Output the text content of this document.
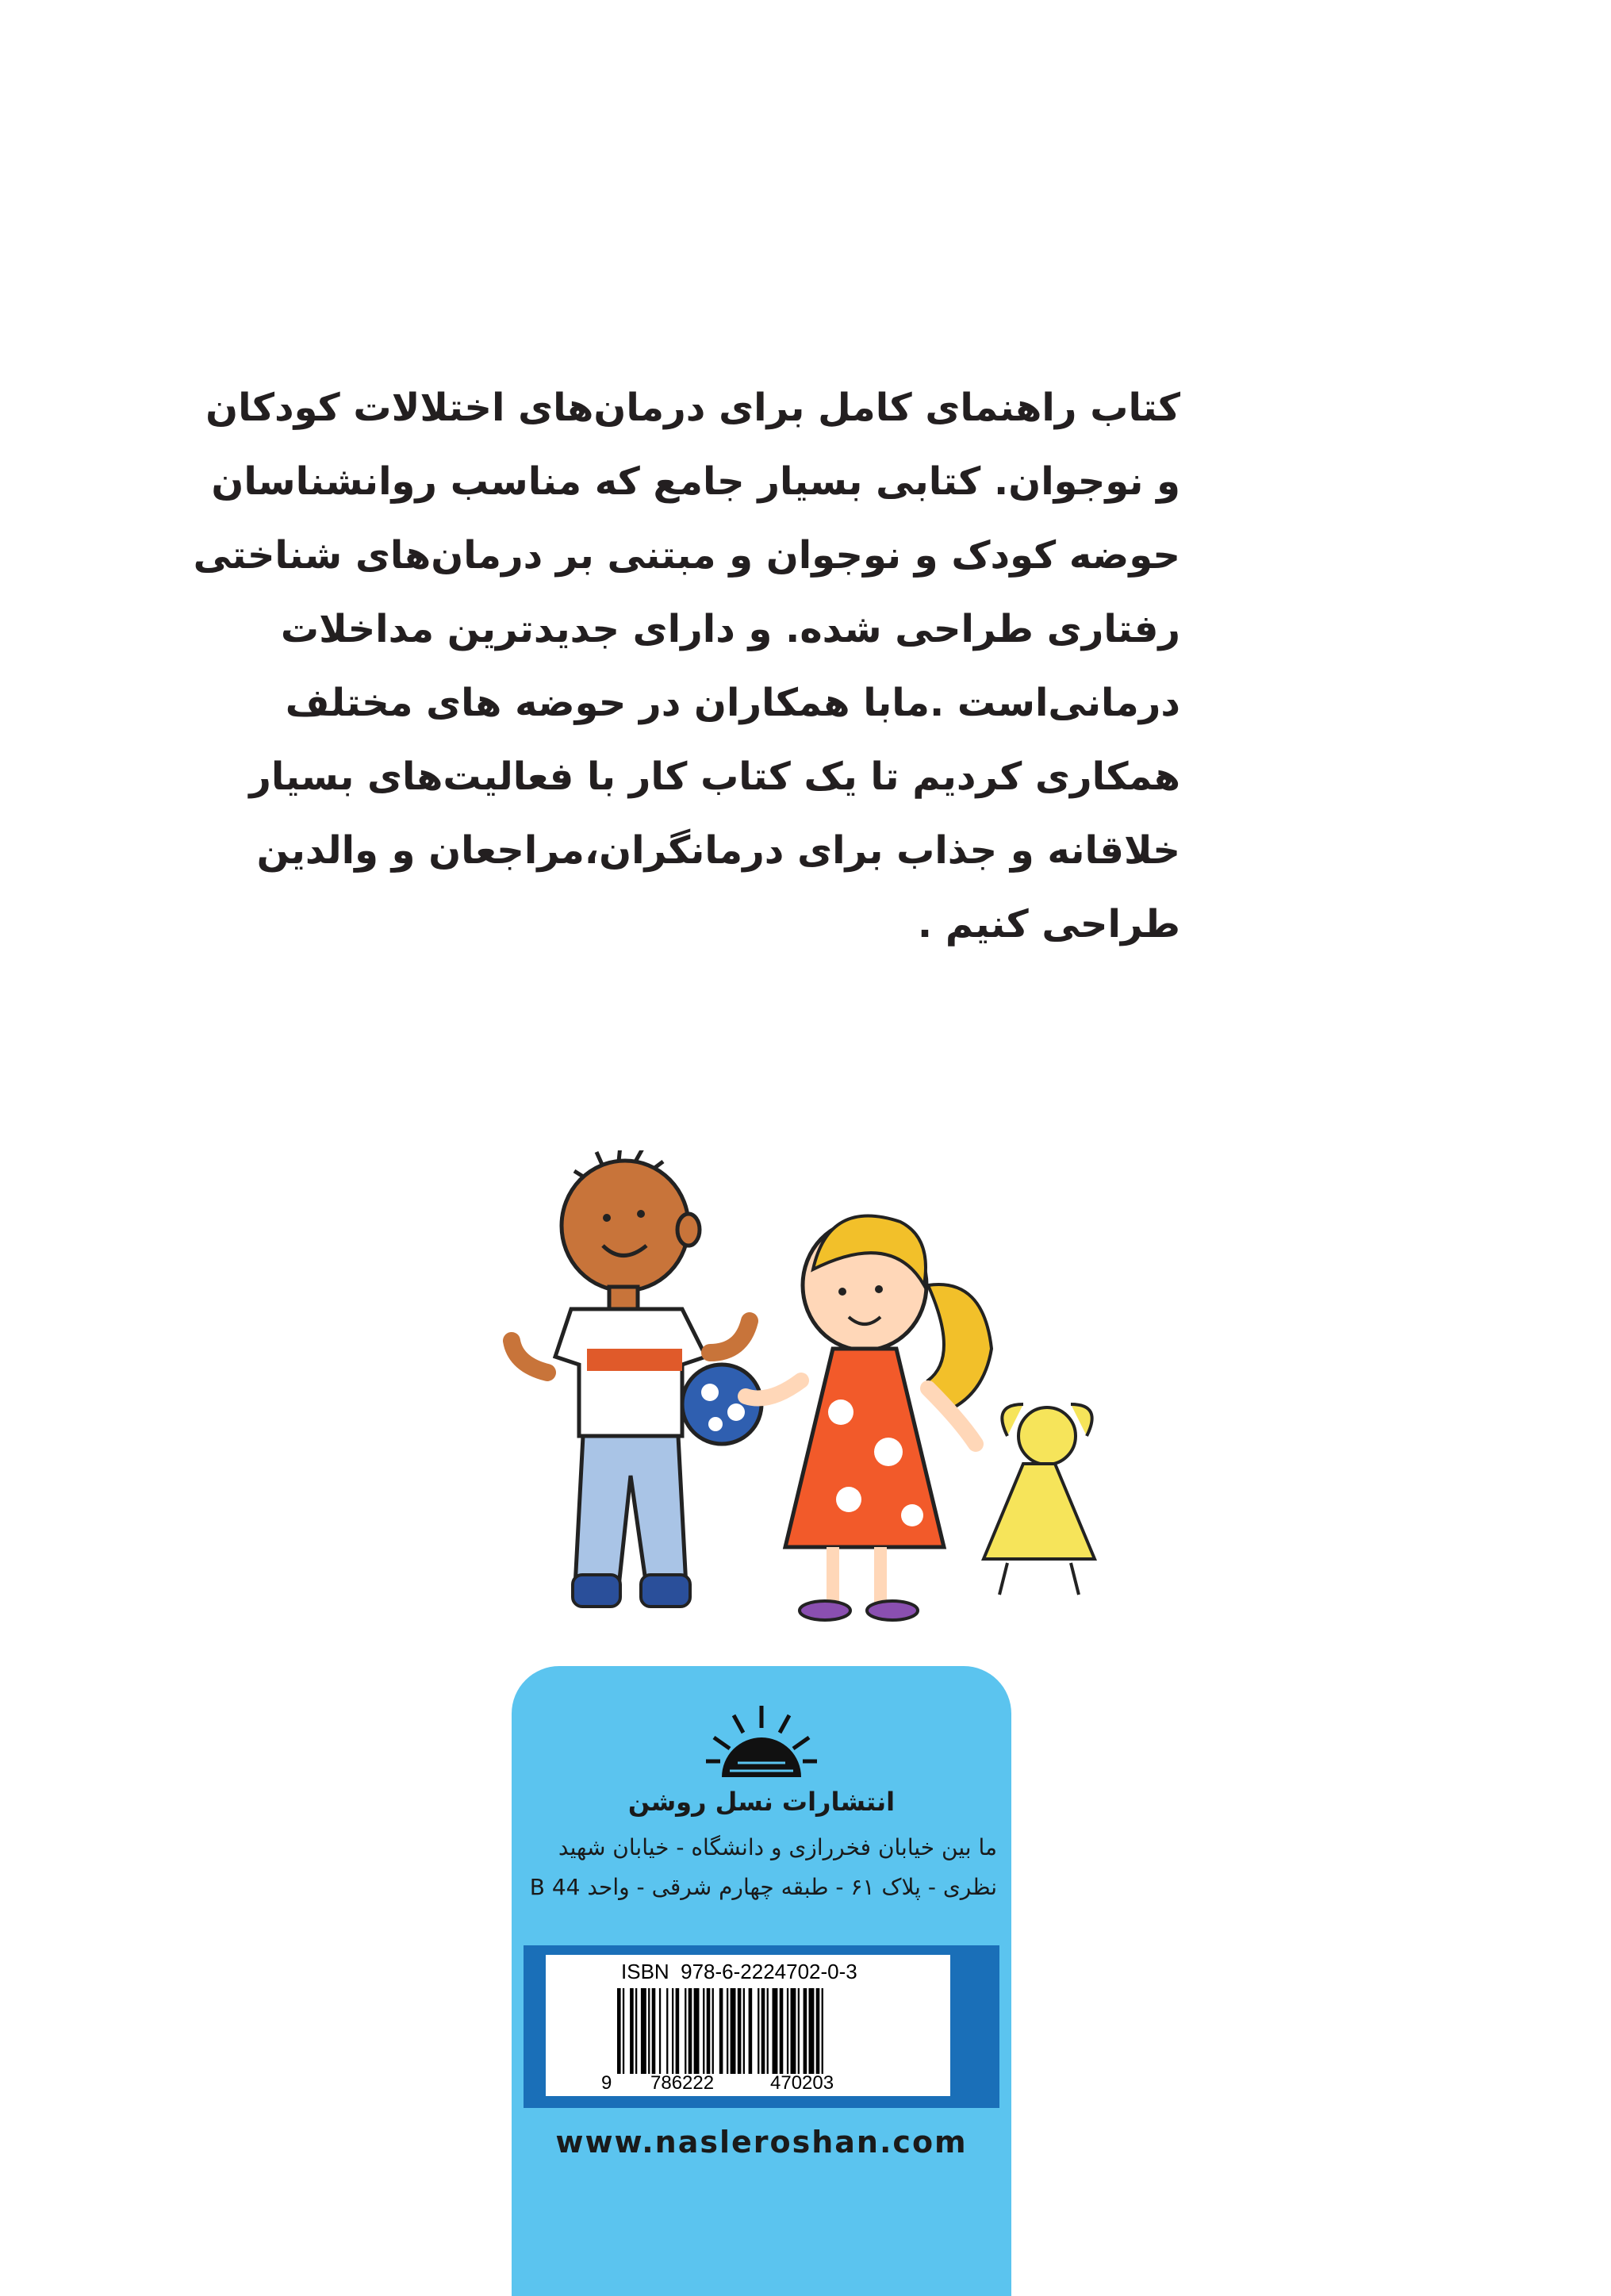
کتاب راهنمای کامل برای درمان‌های اختلالات کودکان
و نوجوان. کتابی بسیار جامع که مناسب روانشناسان
حوضه کودک و نوجوان و مبتنی بر درمان‌های شناختی
رفتاری طراحی شده. و دارای جدیدترین مداخلات
درمانی‌است .مابا همکاران در حوضه های مختلف
همکاری کردیم تا یک کتاب کار با فعالیت‌های بسیار
خلاقانه و جذاب برای درمانگران،مراجعان و والدین
طراحی کنیم .
انتشارات نسل روشن
ما بین خیابان فخررازی و دانشگاه - خیابان شهید
نظری - پلاک ۶۱ - طبقه چهارم شرقی - واحد 44 B
ISBN  978-6-2224702-0-3
9 786222	470203
www.nasleroshan.com
